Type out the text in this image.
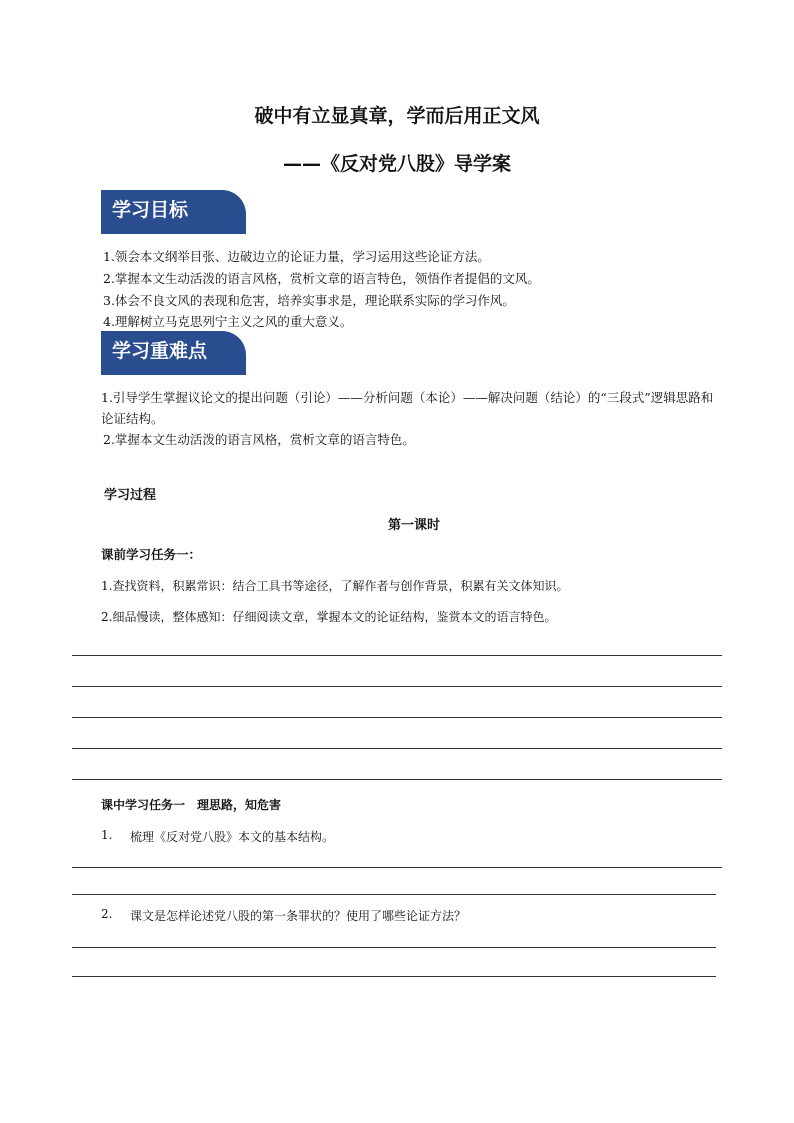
破中有立显真章，学而后用正文风
——《反对党八股》导学案
学习目标
1.领会本文纲举目张、边破边立的论证力量，学习运用这些论证方法。
2.掌握本文生动活泼的语言风格，赏析文章的语言特色，领悟作者提倡的文风。
3.体会不良文风的表现和危害，培养实事求是，理论联系实际的学习作风。
4.理解树立马克思列宁主义之风的重大意义。
学习重难点
1.引导学生掌握议论文的提出问题（引论）——分析问题（本论）——解决问题（结论）的“三段式”逻辑思路和论证结构。
2.掌握本文生动活泼的语言风格，赏析文章的语言特色。
学习过程
第一课时
课前学习任务一：
1.查找资料，积累常识：结合工具书等途径，了解作者与创作背景，积累有关文体知识。
2.细品慢读，整体感知：仔细阅读文章，掌握本文的论证结构，鉴赏本文的语言特色。
课中学习任务一　理思路，知危害
1. 梳理《反对党八股》本文的基本结构。
2. 课文是怎样论述党八股的第一条罪状的？使用了哪些论证方法？
